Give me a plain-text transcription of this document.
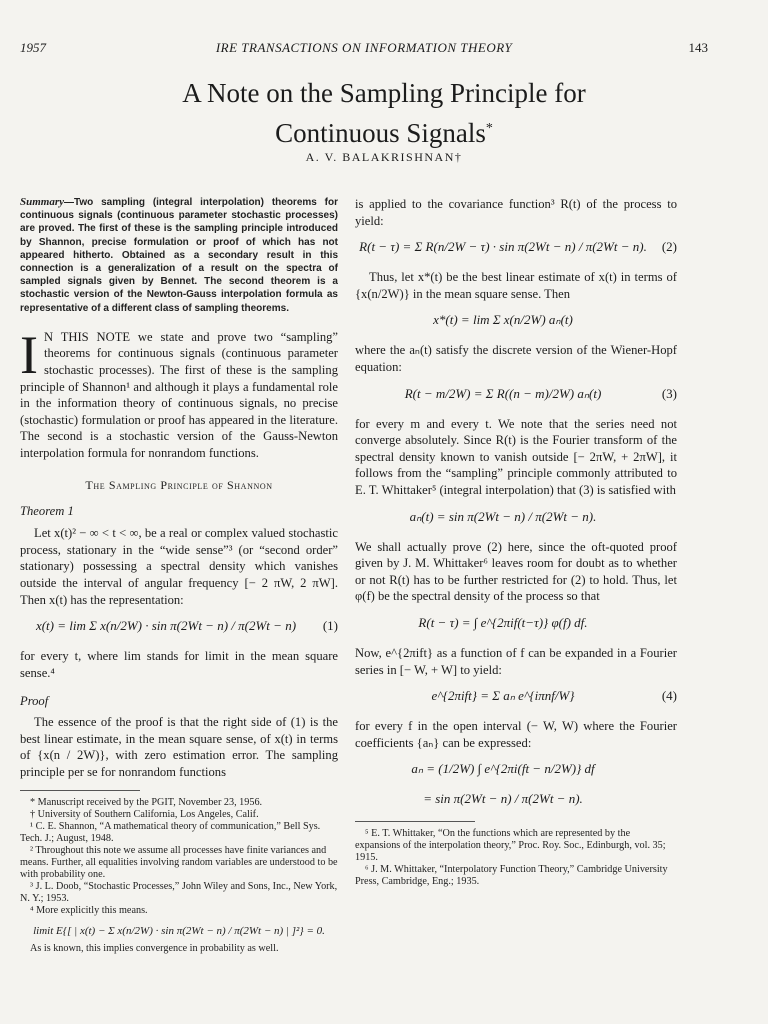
1957	IRE TRANSACTIONS ON INFORMATION THEORY	143
A Note on the Sampling Principle for
Continuous Signals*
A. V. BALAKRISHNAN†
Summary—Two sampling (integral interpolation) theorems for continuous signals (continuous parameter stochastic processes) are proved. The first of these is the sampling principle introduced by Shannon, precise formulation or proof of which has not appeared hitherto. Obtained as a secondary result in this connection is a generalization of a result on the spectra of sampled signals given by Bennet. The second theorem is a stochastic version of the Newton-Gauss interpolation formula as representative of a different class of sampling theorems.
I N THIS NOTE we state and prove two “sampling” theorems for continuous signals (continuous parameter stochastic processes). The first of these is the sampling principle of Shannon¹ and although it plays a fundamental role in the information theory of continuous signals, no precise (stochastic) formulation or proof has appeared in the literature. The second is a stochastic version of the Gauss-Newton interpolation formula for nonrandom functions.

The Sampling Principle of Shannon

Theorem 1

Let x(t)² − ∞ < t < ∞, be a real or complex valued stochastic process, stationary in the “wide sense”³ (or “second order” stationary) possessing a spectral density which vanishes outside the interval of angular frequency [− 2 πW, 2 πW]. Then x(t) has the representation:

x(t) = lim Σ x(n/2W) · sin π(2Wt − n) / π(2Wt − n)	(1)

for every t, where lim stands for limit in the mean square sense.⁴

Proof

The essence of the proof is that the right side of (1) is the best linear estimate, in the mean square sense, of x(t) in terms of {x(n / 2W)}, with zero estimation error. The sampling principle per se for nonrandom functions

* Manuscript received by the PGIT, November 23, 1956.

† University of Southern California, Los Angeles, Calif.

¹ C. E. Shannon, “A mathematical theory of communication,” Bell Sys. Tech. J.; August, 1948.

² Throughout this note we assume all processes have finite variances and means. Further, all equalities involving random variables are understood to be with probability one.

³ J. L. Doob, “Stochastic Processes,” John Wiley and Sons, Inc., New York, N. Y.; 1953.

⁴ More explicitly this means.

limit E{[ | x(t) − Σ x(n/2W) · sin π(2Wt − n) / π(2Wt − n) | ]²} = 0.

As is known, this implies convergence in probability as well.

is applied to the covariance function³ R(t) of the process to yield:

R(t − τ) = Σ R(n/2W − τ) · sin π(2Wt − n) / π(2Wt − n).	(2)

Thus, let x*(t) be the best linear estimate of x(t) in terms of {x(n/2W)} in the mean square sense. Then

x*(t) = lim Σ x(n/2W) aₙ(t)

where the aₙ(t) satisfy the discrete version of the Wiener-Hopf equation:

R(t − m/2W) = Σ R((n − m)/2W) aₙ(t)	(3)

for every m and every t. We note that the series need not converge absolutely. Since R(t) is the Fourier transform of the spectral density known to vanish outside [− 2πW, + 2πW], it follows from the “sampling” principle commonly attributed to E. T. Whittaker⁵ (integral interpolation) that (3) is satisfied with

aₙ(t) = sin π(2Wt − n) / π(2Wt − n).

We shall actually prove (2) here, since the oft-quoted proof given by J. M. Whittaker⁶ leaves room for doubt as to whether or not R(t) has to be further restricted for (2) to hold. Thus, let φ(f) be the spectral density of the process so that

R(t − τ) = ∫ e^{2πif(t−τ)} φ(f) df.

Now, e^{2πift} as a function of f can be expanded in a Fourier series in [− W, + W] to yield:

e^{2πift} = Σ aₙ e^{iπnf/W}	(4)

for every f in the open interval (− W, W) where the Fourier coefficients {aₙ} can be expressed:

aₙ = (1/2W) ∫ e^{2πi(ft − n/2W)} df
= sin π(2Wt − n) / π(2Wt − n).

⁵ E. T. Whittaker, “On the functions which are represented by the expansions of the interpolation theory,” Proc. Roy. Soc., Edinburgh, vol. 35; 1915.

⁶ J. M. Whittaker, “Interpolatory Function Theory,” Cambridge University Press, Cambridge, Eng.; 1935.
